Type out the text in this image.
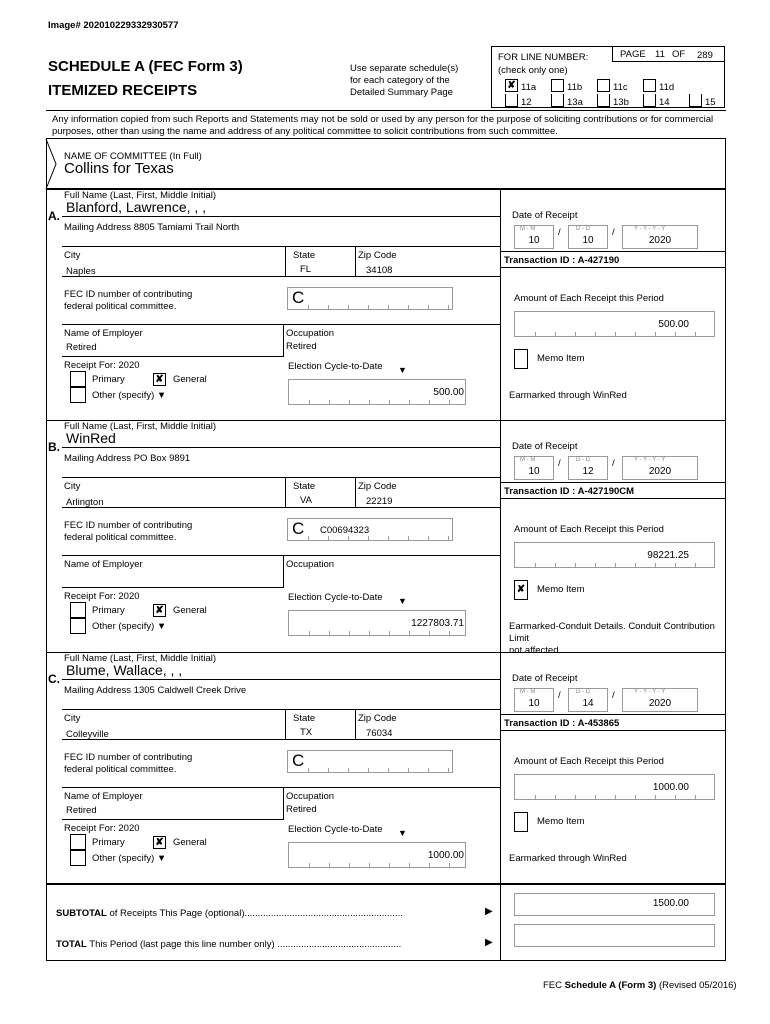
Image# 202010229332930577
SCHEDULE A (FEC Form 3)
ITEMIZED RECEIPTS
Use separate schedule(s)
for each category of the
Detailed Summary Page
FOR LINE NUMBER:
(check only one)
PAGE 11 OF 289
✘ 11a	11b	11c	11d
12	13a	13b	14	15
Any information copied from such Reports and Statements may not be sold or used by any person for the purpose of soliciting contributions or for commercial purposes, other than using the name and address of any political committee to solicit contributions from such committee.
NAME OF COMMITTEE (In Full)
Collins for Texas
Full Name (Last, First, Middle Initial)
A.
Blanford, Lawrence, , ,
Mailing Address 8805 Tamiami Trail North
City
Naples
State
FL
Zip Code
34108
FEC ID number of contributing
federal political committee.	C
Name of Employer
Retired
Occupation
Retired
Receipt For: 2020
Primary	✘ General
Other (specify) ▼
Election Cycle-to-Date ▼
500.00
Date of Receipt
M - M
10
/	D - D
10
/	Y - Y - Y - Y
2020
Transaction ID : A-427190
Amount of Each Receipt this Period
500.00
Memo Item
Earmarked through WinRed
Full Name (Last, First, Middle Initial)
B.
WinRed
Mailing Address PO Box 9891
City
Arlington
State
VA
Zip Code
22219
FEC ID number of contributing
federal political committee.	C C00694323
Name of Employer	Occupation
Receipt For: 2020
Primary	✘ General
Other (specify) ▼
Election Cycle-to-Date ▼
1227803.71
Date of Receipt
M - M
10
/	D - D
12
/	Y - Y - Y - Y
2020
Transaction ID : A-427190CM
Amount of Each Receipt this Period
98221.25
✘ Memo Item
Earmarked-Conduit Details. Conduit Contribution Limit
not affected.
Full Name (Last, First, Middle Initial)
C.
Blume, Wallace, , ,
Mailing Address 1305 Caldwell Creek Drive
City
Colleyville
State
TX
Zip Code
76034
FEC ID number of contributing
federal political committee.	C
Name of Employer
Retired
Occupation
Retired
Receipt For: 2020
Primary	✘ General
Other (specify) ▼
Election Cycle-to-Date ▼
1000.00
Date of Receipt
M - M
10
/	D - D
14
/	Y - Y - Y - Y
2020
Transaction ID : A-453865
Amount of Each Receipt this Period
1000.00
Memo Item
Earmarked through WinRed
SUBTOTAL of Receipts This Page (optional)............................................................	▶
1500.00
TOTAL This Period (last page this line number only) ...............................................	▶
FEC Schedule A (Form 3) (Revised 05/2016)
